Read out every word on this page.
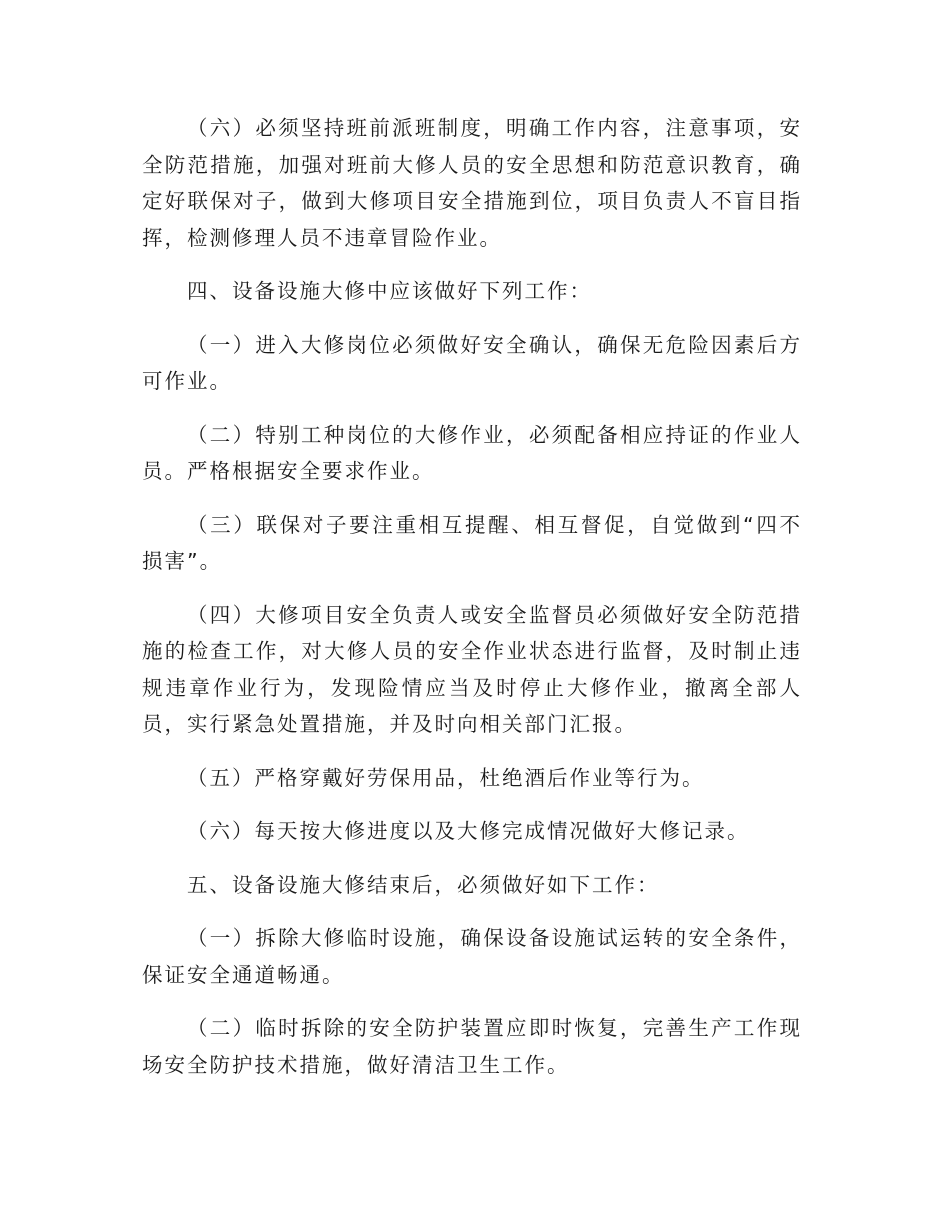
（六）必须坚持班前派班制度，明确工作内容，注意事项，安全防范措施，加强对班前大修人员的安全思想和防范意识教育，确定好联保对子，做到大修项目安全措施到位，项目负责人不盲目指挥，检测修理人员不违章冒险作业。

四、设备设施大修中应该做好下列工作：

（一）进入大修岗位必须做好安全确认，确保无危险因素后方可作业。

（二）特别工种岗位的大修作业，必须配备相应持证的作业人员。严格根据安全要求作业。

（三）联保对子要注重相互提醒、相互督促，自觉做到“四不损害”。

（四）大修项目安全负责人或安全监督员必须做好安全防范措施的检查工作，对大修人员的安全作业状态进行监督，及时制止违规违章作业行为，发现险情应当及时停止大修作业，撤离全部人员，实行紧急处置措施，并及时向相关部门汇报。

（五）严格穿戴好劳保用品，杜绝酒后作业等行为。

（六）每天按大修进度以及大修完成情况做好大修记录。

五、设备设施大修结束后，必须做好如下工作：

（一）拆除大修临时设施，确保设备设施试运转的安全条件，保证安全通道畅通。

（二）临时拆除的安全防护装置应即时恢复，完善生产工作现场安全防护技术措施，做好清洁卫生工作。
